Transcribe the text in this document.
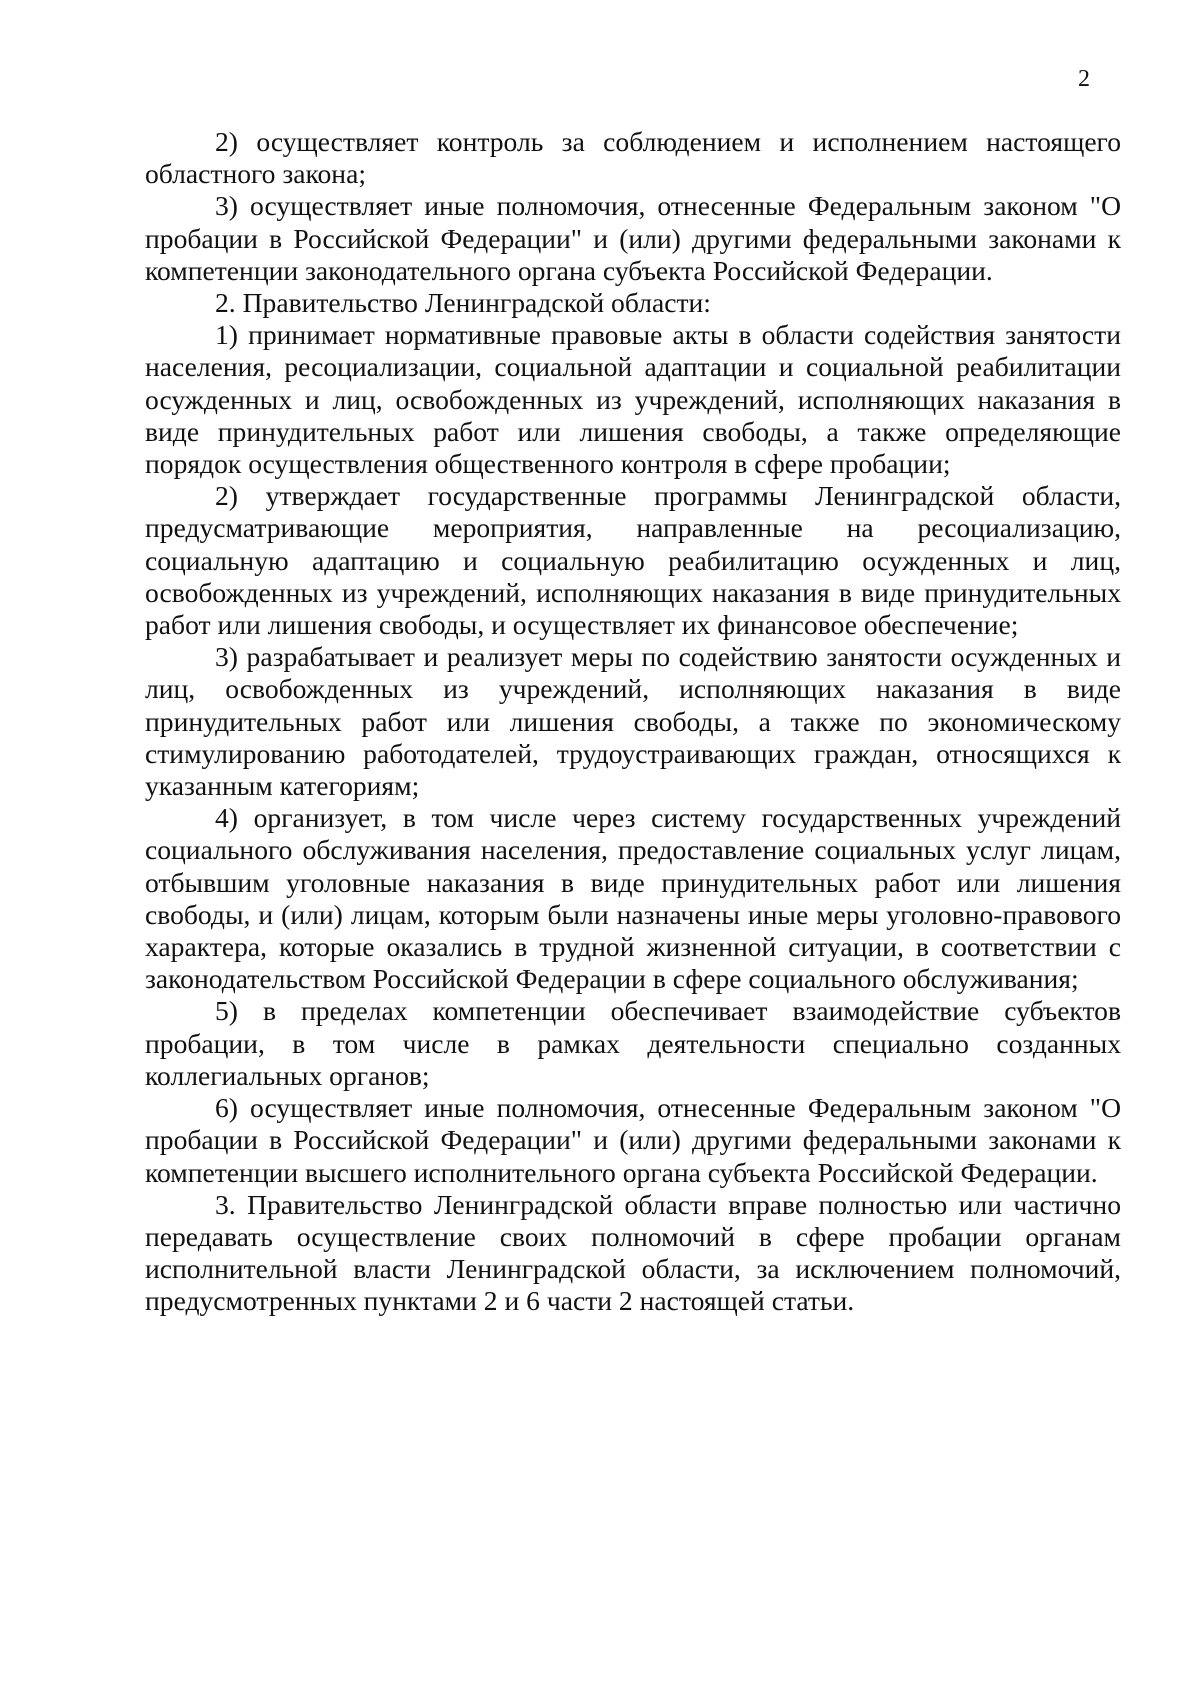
2

2) осуществляет контроль за соблюдением и исполнением настоящего областного закона;

3) осуществляет иные полномочия, отнесенные Федеральным законом "О пробации в Российской Федерации" и (или) другими федеральными законами к компетенции законодательного органа субъекта Российской Федерации.

2. Правительство Ленинградской области:

1) принимает нормативные правовые акты в области содействия занятости населения, ресоциализации, социальной адаптации и социальной реабилитации осужденных и лиц, освобожденных из учреждений, исполняющих наказания в виде принудительных работ или лишения свободы, а также определяющие порядок осуществления общественного контроля в сфере пробации;

2) утверждает государственные программы Ленинградской области, предусматривающие мероприятия, направленные на ресоциализацию, социальную адаптацию и социальную реабилитацию осужденных и лиц, освобожденных из учреждений, исполняющих наказания в виде принудительных работ или лишения свободы, и осуществляет их финансовое обеспечение;

3) разрабатывает и реализует меры по содействию занятости осужденных и лиц, освобожденных из учреждений, исполняющих наказания в виде принудительных работ или лишения свободы, а также по экономическому стимулированию работодателей, трудоустраивающих граждан, относящихся к указанным категориям;

4) организует, в том числе через систему государственных учреждений социального обслуживания населения, предоставление социальных услуг лицам, отбывшим уголовные наказания в виде принудительных работ или лишения свободы, и (или) лицам, которым были назначены иные меры уголовно-правового характера, которые оказались в трудной жизненной ситуации, в соответствии с законодательством Российской Федерации в сфере социального обслуживания;

5) в пределах компетенции обеспечивает взаимодействие субъектов пробации, в том числе в рамках деятельности специально созданных коллегиальных органов;

6) осуществляет иные полномочия, отнесенные Федеральным законом "О пробации в Российской Федерации" и (или) другими федеральными законами к компетенции высшего исполнительного органа субъекта Российской Федерации.

3. Правительство Ленинградской области вправе полностью или частично передавать осуществление своих полномочий в сфере пробации органам исполнительной власти Ленинградской области, за исключением полномочий, предусмотренных пунктами 2 и 6 части 2 настоящей статьи.
